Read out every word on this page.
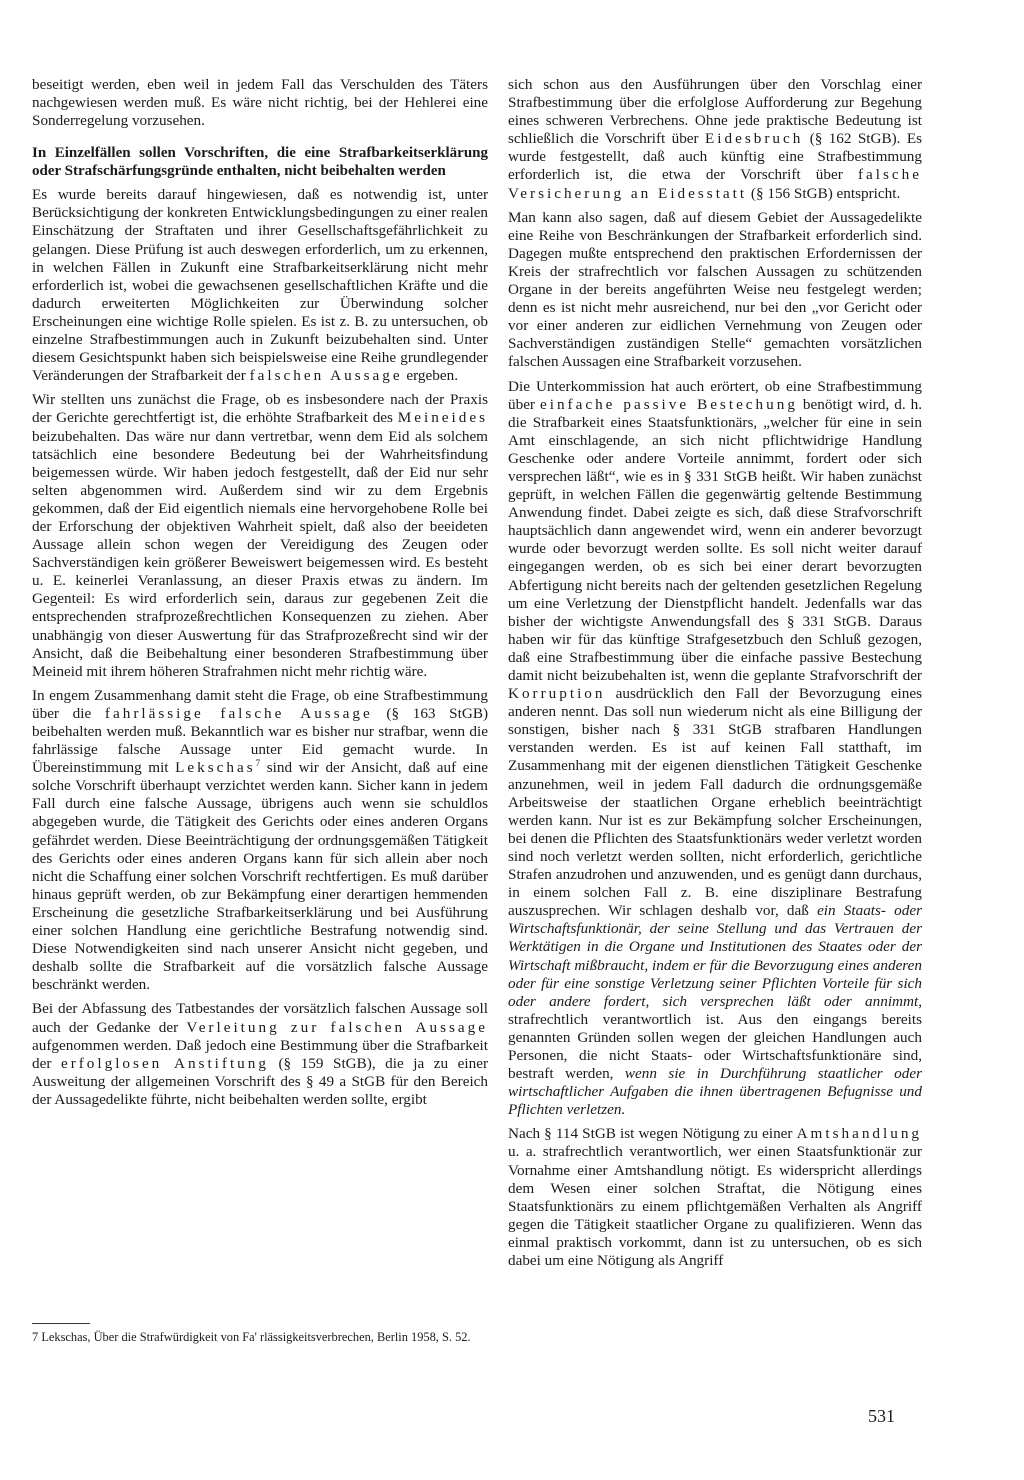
beseitigt werden, eben weil in jedem Fall das Verschulden des Täters nachgewiesen werden muß. Es wäre nicht richtig, bei der Hehlerei eine Sonderregelung vorzusehen.

In Einzelfällen sollen Vorschriften, die eine Strafbarkeitserklärung oder Strafschärfungsgründe enthalten, nicht beibehalten werden

Es wurde bereits darauf hingewiesen, daß es notwendig ist, unter Berücksichtigung der konkreten Entwicklungsbedingungen zu einer realen Einschätzung der Straftaten und ihrer Gesellschaftsgefährlichkeit zu gelangen. Diese Prüfung ist auch deswegen erforderlich, um zu erkennen, in welchen Fällen in Zukunft eine Strafbarkeitserklärung nicht mehr erforderlich ist, wobei die gewachsenen gesellschaftlichen Kräfte und die dadurch erweiterten Möglichkeiten zur Überwindung solcher Erscheinungen eine wichtige Rolle spielen. Es ist z. B. zu untersuchen, ob einzelne Strafbestimmungen auch in Zukunft beizubehalten sind. Unter diesem Gesichtspunkt haben sich beispielsweise eine Reihe grundlegender Veränderungen der Strafbarkeit der falschen Aussage ergeben.

Wir stellten uns zunächst die Frage, ob es insbesondere nach der Praxis der Gerichte gerechtfertigt ist, die erhöhte Strafbarkeit des Meineides beizubehalten. Das wäre nur dann vertretbar, wenn dem Eid als solchem tatsächlich eine besondere Bedeutung bei der Wahrheitsfindung beigemessen würde. Wir haben jedoch festgestellt, daß der Eid nur sehr selten abgenommen wird. Außerdem sind wir zu dem Ergebnis gekommen, daß der Eid eigentlich niemals eine hervorgehobene Rolle bei der Erforschung der objektiven Wahrheit spielt, daß also der beeideten Aussage allein schon wegen der Vereidigung des Zeugen oder Sachverständigen kein größerer Beweiswert beigemessen wird. Es besteht u. E. keinerlei Veranlassung, an dieser Praxis etwas zu ändern. Im Gegenteil: Es wird erforderlich sein, daraus zur gegebenen Zeit die entsprechenden strafprozeßrechtlichen Konsequenzen zu ziehen. Aber unabhängig von dieser Auswertung für das Strafprozeßrecht sind wir der Ansicht, daß die Beibehaltung einer besonderen Strafbestimmung über Meineid mit ihrem höheren Strafrahmen nicht mehr richtig wäre.

In engem Zusammenhang damit steht die Frage, ob eine Strafbestimmung über die fahrlässige falsche Aussage (§ 163 StGB) beibehalten werden muß. Bekanntlich war es bisher nur strafbar, wenn die fahrlässige falsche Aussage unter Eid gemacht wurde. In Übereinstimmung mit Lekschas$^7$ sind wir der Ansicht, daß auf eine solche Vorschrift überhaupt verzichtet werden kann. Sicher kann in jedem Fall durch eine falsche Aussage, übrigens auch wenn sie schuldlos abgegeben wurde, die Tätigkeit des Gerichts oder eines anderen Organs gefährdet werden. Diese Beeinträchtigung der ordnungsgemäßen Tätigkeit des Gerichts oder eines anderen Organs kann für sich allein aber noch nicht die Schaffung einer solchen Vorschrift rechtfertigen. Es muß darüber hinaus geprüft werden, ob zur Bekämpfung einer derartigen hemmenden Erscheinung die gesetzliche Strafbarkeitserklärung und bei Ausführung einer solchen Handlung eine gerichtliche Bestrafung notwendig sind. Diese Notwendigkeiten sind nach unserer Ansicht nicht gegeben, und deshalb sollte die Strafbarkeit auf die vorsätzlich falsche Aussage beschränkt werden.

Bei der Abfassung des Tatbestandes der vorsätzlich falschen Aussage soll auch der Gedanke der Verleitung zur falschen Aussage aufgenommen werden. Daß jedoch eine Bestimmung über die Strafbarkeit der erfolglosen Anstiftung (§ 159 StGB), die ja zu einer Ausweitung der allgemeinen Vorschrift des § 49 a StGB für den Bereich der Aussagedelikte führte, nicht beibehalten werden sollte, ergibt

7 Lekschas, Über die Strafwürdigkeit von Fa' rlässigkeitsverbrechen, Berlin 1958, S. 52.

sich schon aus den Ausführungen über den Vorschlag einer Strafbestimmung über die erfolglose Aufforderung zur Begehung eines schweren Verbrechens. Ohne jede praktische Bedeutung ist schließlich die Vorschrift über Eidesbruch (§ 162 StGB). Es wurde festgestellt, daß auch künftig eine Strafbestimmung erforderlich ist, die etwa der Vorschrift über falsche Versicherung an Eidesstatt (§ 156 StGB) entspricht.

Man kann also sagen, daß auf diesem Gebiet der Aussagedelikte eine Reihe von Beschränkungen der Strafbarkeit erforderlich sind. Dagegen mußte entsprechend den praktischen Erfordernissen der Kreis der strafrechtlich vor falschen Aussagen zu schützenden Organe in der bereits angeführten Weise neu festgelegt werden; denn es ist nicht mehr ausreichend, nur bei den „vor Gericht oder vor einer anderen zur eidlichen Vernehmung von Zeugen oder Sachverständigen zuständigen Stelle“ gemachten vorsätzlichen falschen Aussagen eine Strafbarkeit vorzusehen.

Die Unterkommission hat auch erörtert, ob eine Strafbestimmung über einfache passive Bestechung benötigt wird, d. h. die Strafbarkeit eines Staatsfunktionärs, „welcher für eine in sein Amt einschlagende, an sich nicht pflichtwidrige Handlung Geschenke oder andere Vorteile annimmt, fordert oder sich versprechen läßt“, wie es in § 331 StGB heißt. Wir haben zunächst geprüft, in welchen Fällen die gegenwärtig geltende Bestimmung Anwendung findet. Dabei zeigte es sich, daß diese Strafvorschrift hauptsächlich dann angewendet wird, wenn ein anderer bevorzugt wurde oder bevorzugt werden sollte. Es soll nicht weiter darauf eingegangen werden, ob es sich bei einer derart bevorzugten Abfertigung nicht bereits nach der geltenden gesetzlichen Regelung um eine Verletzung der Dienstpflicht handelt. Jedenfalls war das bisher der wichtigste Anwendungsfall des § 331 StGB. Daraus haben wir für das künftige Strafgesetzbuch den Schluß gezogen, daß eine Strafbestimmung über die einfache passive Bestechung damit nicht beizubehalten ist, wenn die geplante Strafvorschrift der Korruption ausdrücklich den Fall der Bevorzugung eines anderen nennt. Das soll nun wiederum nicht als eine Billigung der sonstigen, bisher nach § 331 StGB strafbaren Handlungen verstanden werden. Es ist auf keinen Fall statthaft, im Zusammenhang mit der eigenen dienstlichen Tätigkeit Geschenke anzunehmen, weil in jedem Fall dadurch die ordnungsgemäße Arbeitsweise der staatlichen Organe erheblich beeinträchtigt werden kann. Nur ist es zur Bekämpfung solcher Erscheinungen, bei denen die Pflichten des Staatsfunktionärs weder verletzt worden sind noch verletzt werden sollten, nicht erforderlich, gerichtliche Strafen anzudrohen und anzuwenden, und es genügt dann durchaus, in einem solchen Fall z. B. eine disziplinare Bestrafung auszusprechen. Wir schlagen deshalb vor, daß ein Staats- oder Wirtschaftsfunktionär, der seine Stellung und das Vertrauen der Werktätigen in die Organe und Institutionen des Staates oder der Wirtschaft mißbraucht, indem er für die Bevorzugung eines anderen oder für eine sonstige Verletzung seiner Pflichten Vorteile für sich oder andere fordert, sich versprechen läßt oder annimmt, strafrechtlich verantwortlich ist. Aus den eingangs bereits genannten Gründen sollen wegen der gleichen Handlungen auch Personen, die nicht Staats- oder Wirtschaftsfunktionäre sind, bestraft werden, wenn sie in Durchführung staatlicher oder wirtschaftlicher Aufgaben die ihnen übertragenen Befugnisse und Pflichten verletzen.

Nach § 114 StGB ist wegen Nötigung zu einer Amtshandlung u. a. strafrechtlich verantwortlich, wer einen Staatsfunktionär zur Vornahme einer Amtshandlung nötigt. Es widerspricht allerdings dem Wesen einer solchen Straftat, die Nötigung eines Staatsfunktionärs zu einem pflichtgemäßen Verhalten als Angriff gegen die Tätigkeit staatlicher Organe zu qualifizieren. Wenn das einmal praktisch vorkommt, dann ist zu untersuchen, ob es sich dabei um eine Nötigung als Angriff

531
